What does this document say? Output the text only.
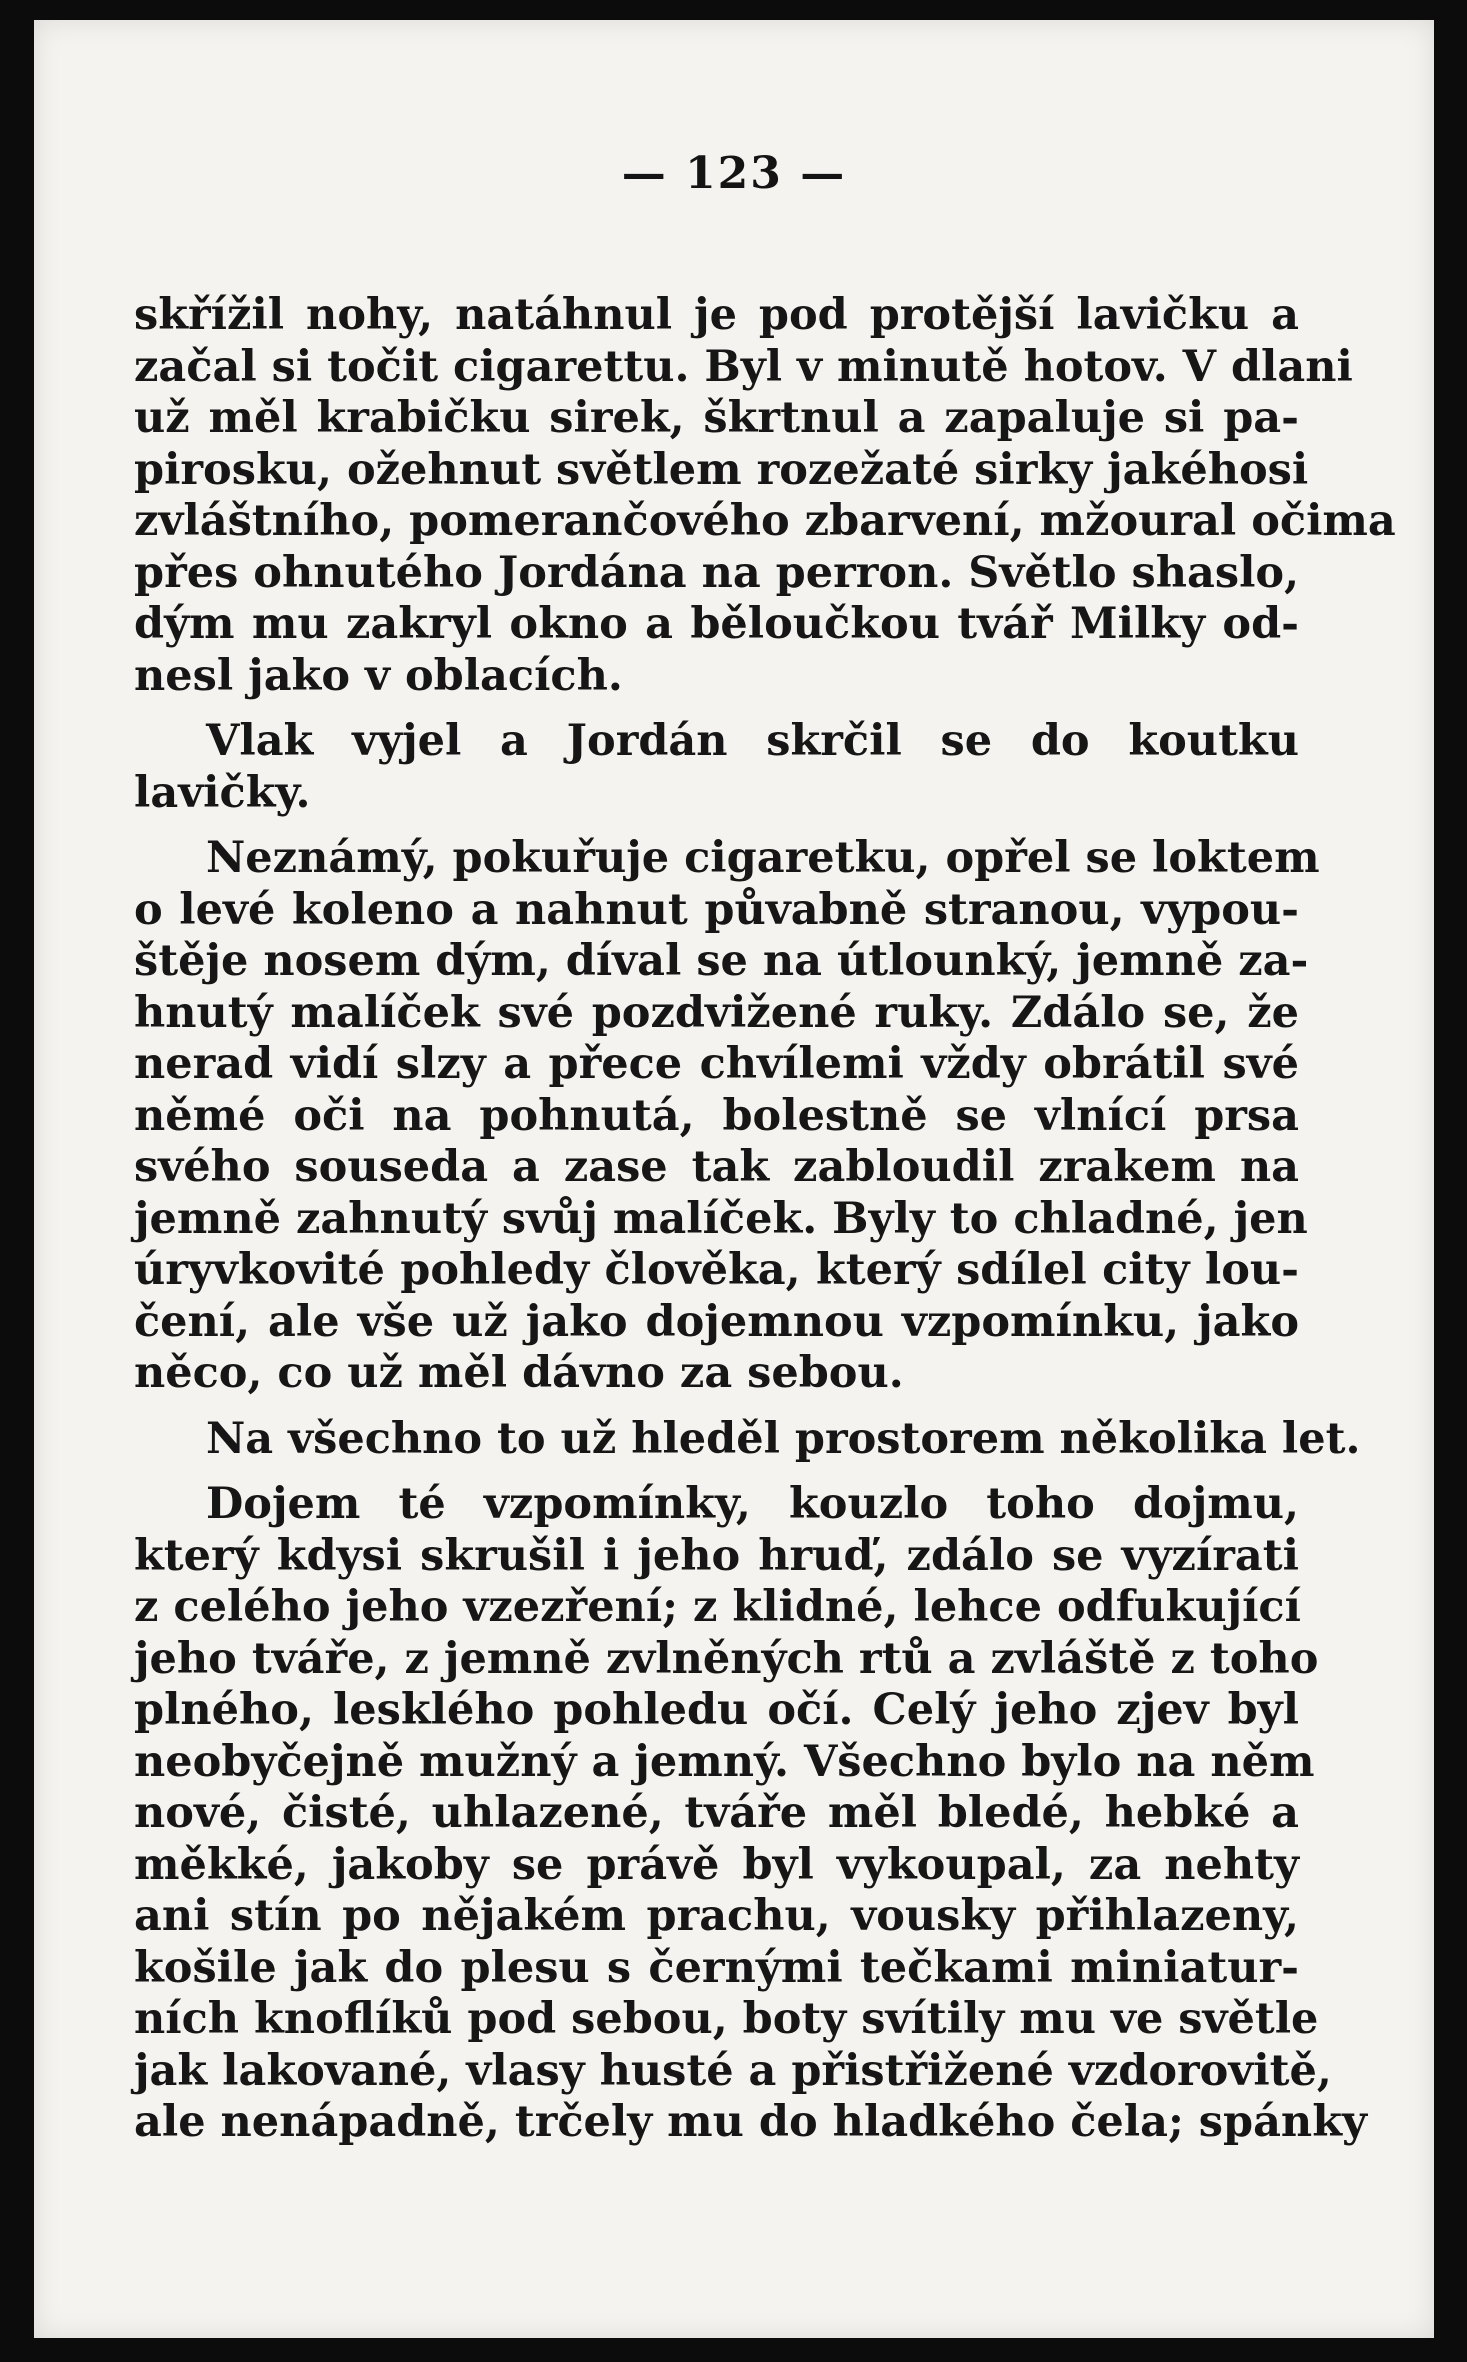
— 123 —
skřížil nohy, natáhnul je pod protější lavičku a
začal si točit cigarettu. Byl v minutě hotov. V dlani
už měl krabičku sirek, škrtnul a zapaluje si pa-
pirosku, ožehnut světlem rozežaté sirky jakéhosi
zvláštního, pomerančového zbarvení, mžoural očima
přes ohnutého Jordána na perron. Světlo shaslo,
dým mu zakryl okno a běloučkou tvář Milky od-
nesl jako v oblacích.
Vlak vyjel a Jordán skrčil se do koutku
lavičky.
Neznámý, pokuřuje cigaretku, opřel se loktem
o levé koleno a nahnut půvabně stranou, vypou-
štěje nosem dým, díval se na útlounký, jemně za-
hnutý malíček své pozdvižené ruky. Zdálo se, že
nerad vidí slzy a přece chvílemi vždy obrátil své
němé oči na pohnutá, bolestně se vlnící prsa
svého souseda a zase tak zabloudil zrakem na
jemně zahnutý svůj malíček. Byly to chladné, jen
úryvkovité pohledy člověka, který sdílel city lou-
čení, ale vše už jako dojemnou vzpomínku, jako
něco, co už měl dávno za sebou.
Na všechno to už hleděl prostorem několika let.
Dojem té vzpomínky, kouzlo toho dojmu,
který kdysi skrušil i jeho hruď, zdálo se vyzírati
z celého jeho vzezření; z klidné, lehce odfukující
jeho tváře, z jemně zvlněných rtů a zvláště z toho
plného, lesklého pohledu očí. Celý jeho zjev byl
neobyčejně mužný a jemný. Všechno bylo na něm
nové, čisté, uhlazené, tváře měl bledé, hebké a
měkké, jakoby se právě byl vykoupal, za nehty
ani stín po nějakém prachu, vousky přihlazeny,
košile jak do plesu s černými tečkami miniatur-
ních knoflíků pod sebou, boty svítily mu ve světle
jak lakované, vlasy husté a přistřižené vzdorovitě,
ale nenápadně, trčely mu do hladkého čela; spánky
